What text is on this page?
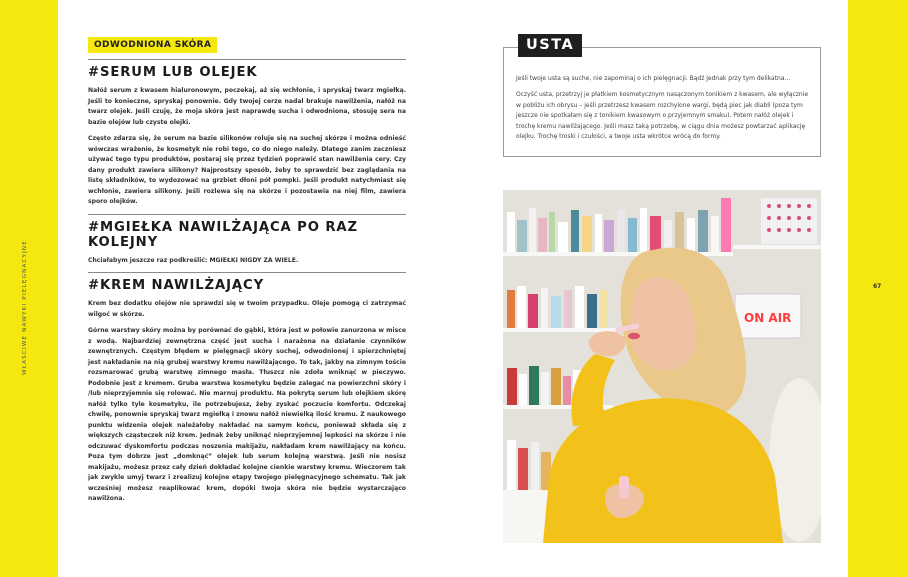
WŁAŚCIWE NAWYKI PIELĘGNACYJNE	67
ODWODNIONA SKÓRA
#SERUM LUB OLEJEK

Nałóż serum z kwasem hialuronowym, poczekaj, aż się wchłonie, i spryskaj twarz mgiełką. Jeśli to konieczne, spryskaj ponownie. Gdy twojej cerze nadal brakuje nawilżenia, nałóż na twarz olejek. Jeśli czuję, że moja skóra jest naprawdę sucha i odwodniona, stosuję sera na bazie olejów lub czyste olejki.

Często zdarza się, że serum na bazie silikonów roluje się na suchej skórze i można odnieść wówczas wrażenie, że kosmetyk nie robi tego, co do niego należy. Dlatego zanim zaczniesz używać tego typu produktów, postaraj się przez tydzień poprawić stan nawilżenia cery. Czy dany produkt zawiera silikony? Najprostszy sposób, żeby to sprawdzić bez zaglądania na listę składników, to wydozować na grzbiet dłoni pół pompki. Jeśli produkt natychmiast się wchłonie, zawiera silikony. Jeśli rozlewa się na skórze i pozostawia na niej film, zawiera sporo olejków.

#MGIEŁKA NAWILŻAJĄCA PO RAZ KOLEJNY

Chciałabym jeszcze raz podkreślić: MGIEŁKI NIGDY ZA WIELE.

#KREM NAWILŻAJĄCY

Krem bez dodatku olejów nie sprawdzi się w twoim przypadku. Oleje pomogą ci zatrzymać wilgoć w skórze.

Górne warstwy skóry można by porównać do gąbki, która jest w połowie zanurzona w misce z wodą. Najbardziej zewnętrzna część jest sucha i narażona na działanie czynników zewnętrznych. Częstym błędem w pielęgnacji skóry suchej, odwodnionej i spierzchniętej jest nakładanie na nią grubej warstwy kremu nawilżającego. To tak, jakby na zimnym toście rozsmarować grubą warstwę zimnego masła. Tłuszcz nie zdoła wniknąć w pieczywo. Podobnie jest z kremem. Gruba warstwa kosmetyku będzie zalegać na powierzchni skóry i /lub nieprzyjemnie się rolować. Nie marnuj produktu. Na pokrytą serum lub olejkiem skórę nałóż tylko tyle kosmetyku, ile potrzebujesz, żeby zyskać poczucie komfortu. Odczekaj chwilę, ponownie spryskaj twarz mgiełką i znowu nałóż niewielką ilość kremu. Z naukowego punktu widzenia olejek należałoby nakładać na samym końcu, ponieważ składa się z większych cząsteczek niż krem. Jednak żeby uniknąć nieprzyjemnej lepkości na skórze i nie odczuwać dyskomfortu podczas noszenia makijażu, nakładam krem nawilżający na końcu. Poza tym dobrze jest „domknąć” olejek lub serum kolejną warstwą. Jeśli nie nosisz makijażu, możesz przez cały dzień dokładać kolejne cienkie warstwy kremu. Wieczorem tak jak zwykle umyj twarz i zrealizuj kolejne etapy twojego pielęgnacyjnego schematu. Tak jak wcześniej możesz reaplikować krem, dopóki twoja skóra nie będzie wystarczająco nawilżona.

USTA

Jeśli twoje usta są suche, nie zapominaj o ich pielęgnacji. Bądź jednak przy tym delikatna…

Oczyść usta, przetrzyj je płatkiem kosmetycznym nasączonym tonikiem z kwasem, ale wyłącznie w pobliżu ich obrysu – jeśli przetrzesz kwasem rozchylone wargi, będą piec jak diabli (poza tym jeszcze nie spotkałam się z tonikiem kwasowym o przyjemnym smaku). Potem nałóż olejek i trochę kremu nawilżającego. Jeśli masz taką potrzebę, w ciągu dnia możesz powtarzać aplikację olejku. Trochę troski i czułości, a twoje usta wkrótce wrócą do formy.

ON AIR
